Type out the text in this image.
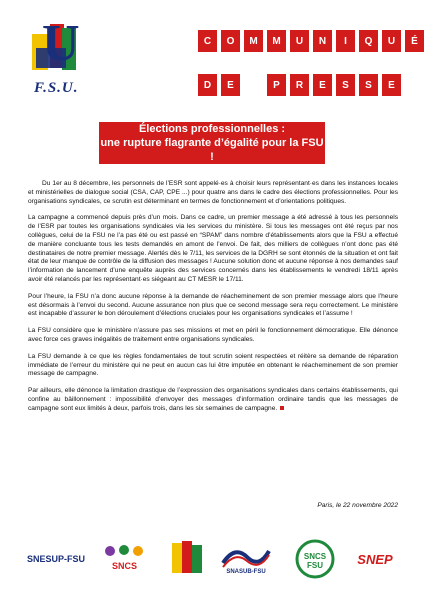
U
F.S.U.
C	O	M	M	U	N	I	Q	U	É
D	E	P	R	E	S	S	E
Élections professionnelles :
une rupture flagrante d’égalité pour la FSU !

Du 1er au 8 décembre, les personnels de l’ESR sont appelé·es à choisir leurs représentant·es dans les instances locales et ministérielles de dialogue social (CSA, CAP, CPE ...) pour quatre ans dans le cadre des élections professionnelles. Pour les organisations syndicales, ce scrutin est déterminant en termes de fonctionnement et d’orientations politiques.

La campagne a commencé depuis près d’un mois. Dans ce cadre, un premier message a été adressé à tous les personnels de l’ESR par toutes les organisations syndicales via les services du ministère. Si tous les messages ont été reçus par nos collègues, celui de la FSU ne l’a pas été ou est passé en “SPAM” dans nombre d’établissements alors que la FSU a effectué de manière concluante tous les tests demandés en amont de l’envoi. De fait, des milliers de collègues n’ont donc pas été destinataires de notre premier message. Alertés dès le 7/11, les services de la DGRH se sont étonnés de la situation et ont fait état de leur manque de contrôle de la diffusion des messages ! Aucune solution donc et aucune réponse à nos demandes sauf l’information de lancement d’une enquête auprès des services concernés dans les établissements le vendredi 18/11 après avoir été relancés par les représentant·es siégeant au CT MESR le 17/11.

Pour l’heure, la FSU n’a donc aucune réponse à la demande de réacheminement de son premier message alors que l’heure est désormais à l’envoi du second. Aucune assurance non plus que ce second message sera reçu correctement. Le ministère est incapable d’assurer le bon déroulement d’élections cruciales pour les organisations syndicales et l’assume !

La FSU considère que le ministère n’assure pas ses missions et met en péril le fonctionnement démocratique. Elle dénonce avec force ces graves inégalités de traitement entre organisations syndicales.

La FSU demande à ce que les règles fondamentales de tout scrutin soient respectées et réitère sa demande de réparation immédiate de l’erreur du ministère qui ne peut en aucun cas lui être imputée en obtenant le réacheminement de son premier message de campagne.

Par ailleurs, elle dénonce la limitation drastique de l’expression des organisations syndicales dans certains établissements, qui confine au bâillonnement : impossibilité d’envoyer des messages d’information ordinaire tandis que les messages de campagne sont eux limités à deux, parfois trois, dans les six semaines de campagne.

Paris, le 22 novembre 2022
SNESUP-FSU
SNCS
SNASUB-FSU
SNCS FSU	SNEP
